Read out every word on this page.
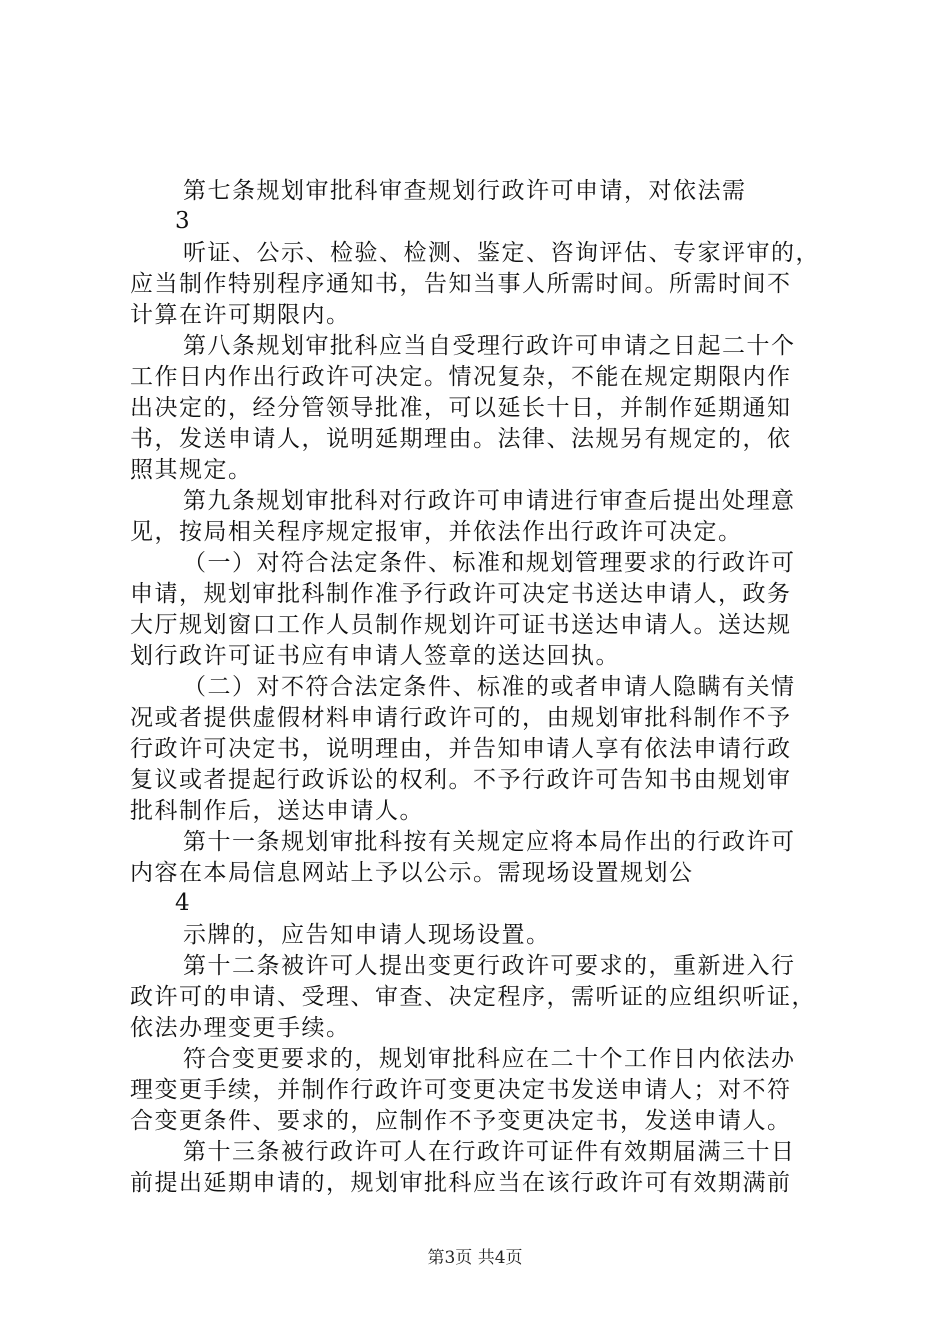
第七条规划审批科审查规划行政许可申请，对依法需
3
听证、公示、检验、检测、鉴定、咨询评估、专家评审的，
应当制作特别程序通知书，告知当事人所需时间。所需时间不
计算在许可期限内。
第八条规划审批科应当自受理行政许可申请之日起二十个
工作日内作出行政许可决定。情况复杂，不能在规定期限内作
出决定的，经分管领导批准，可以延长十日，并制作延期通知
书，发送申请人，说明延期理由。法律、法规另有规定的，依
照其规定。
第九条规划审批科对行政许可申请进行审查后提出处理意
见，按局相关程序规定报审，并依法作出行政许可决定。
（一）对符合法定条件、标准和规划管理要求的行政许可
申请，规划审批科制作准予行政许可决定书送达申请人，政务
大厅规划窗口工作人员制作规划许可证书送达申请人。送达规
划行政许可证书应有申请人签章的送达回执。
（二）对不符合法定条件、标准的或者申请人隐瞒有关情
况或者提供虚假材料申请行政许可的，由规划审批科制作不予
行政许可决定书，说明理由，并告知申请人享有依法申请行政
复议或者提起行政诉讼的权利。不予行政许可告知书由规划审
批科制作后，送达申请人。
第十一条规划审批科按有关规定应将本局作出的行政许可
内容在本局信息网站上予以公示。需现场设置规划公
4
示牌的，应告知申请人现场设置。
第十二条被许可人提出变更行政许可要求的，重新进入行
政许可的申请、受理、审查、决定程序，需听证的应组织听证，
依法办理变更手续。
符合变更要求的，规划审批科应在二十个工作日内依法办
理变更手续，并制作行政许可变更决定书发送申请人；对不符
合变更条件、要求的，应制作不予变更决定书，发送申请人。
第十三条被行政许可人在行政许可证件有效期届满三十日
前提出延期申请的，规划审批科应当在该行政许可有效期满前
第3页 共4页
